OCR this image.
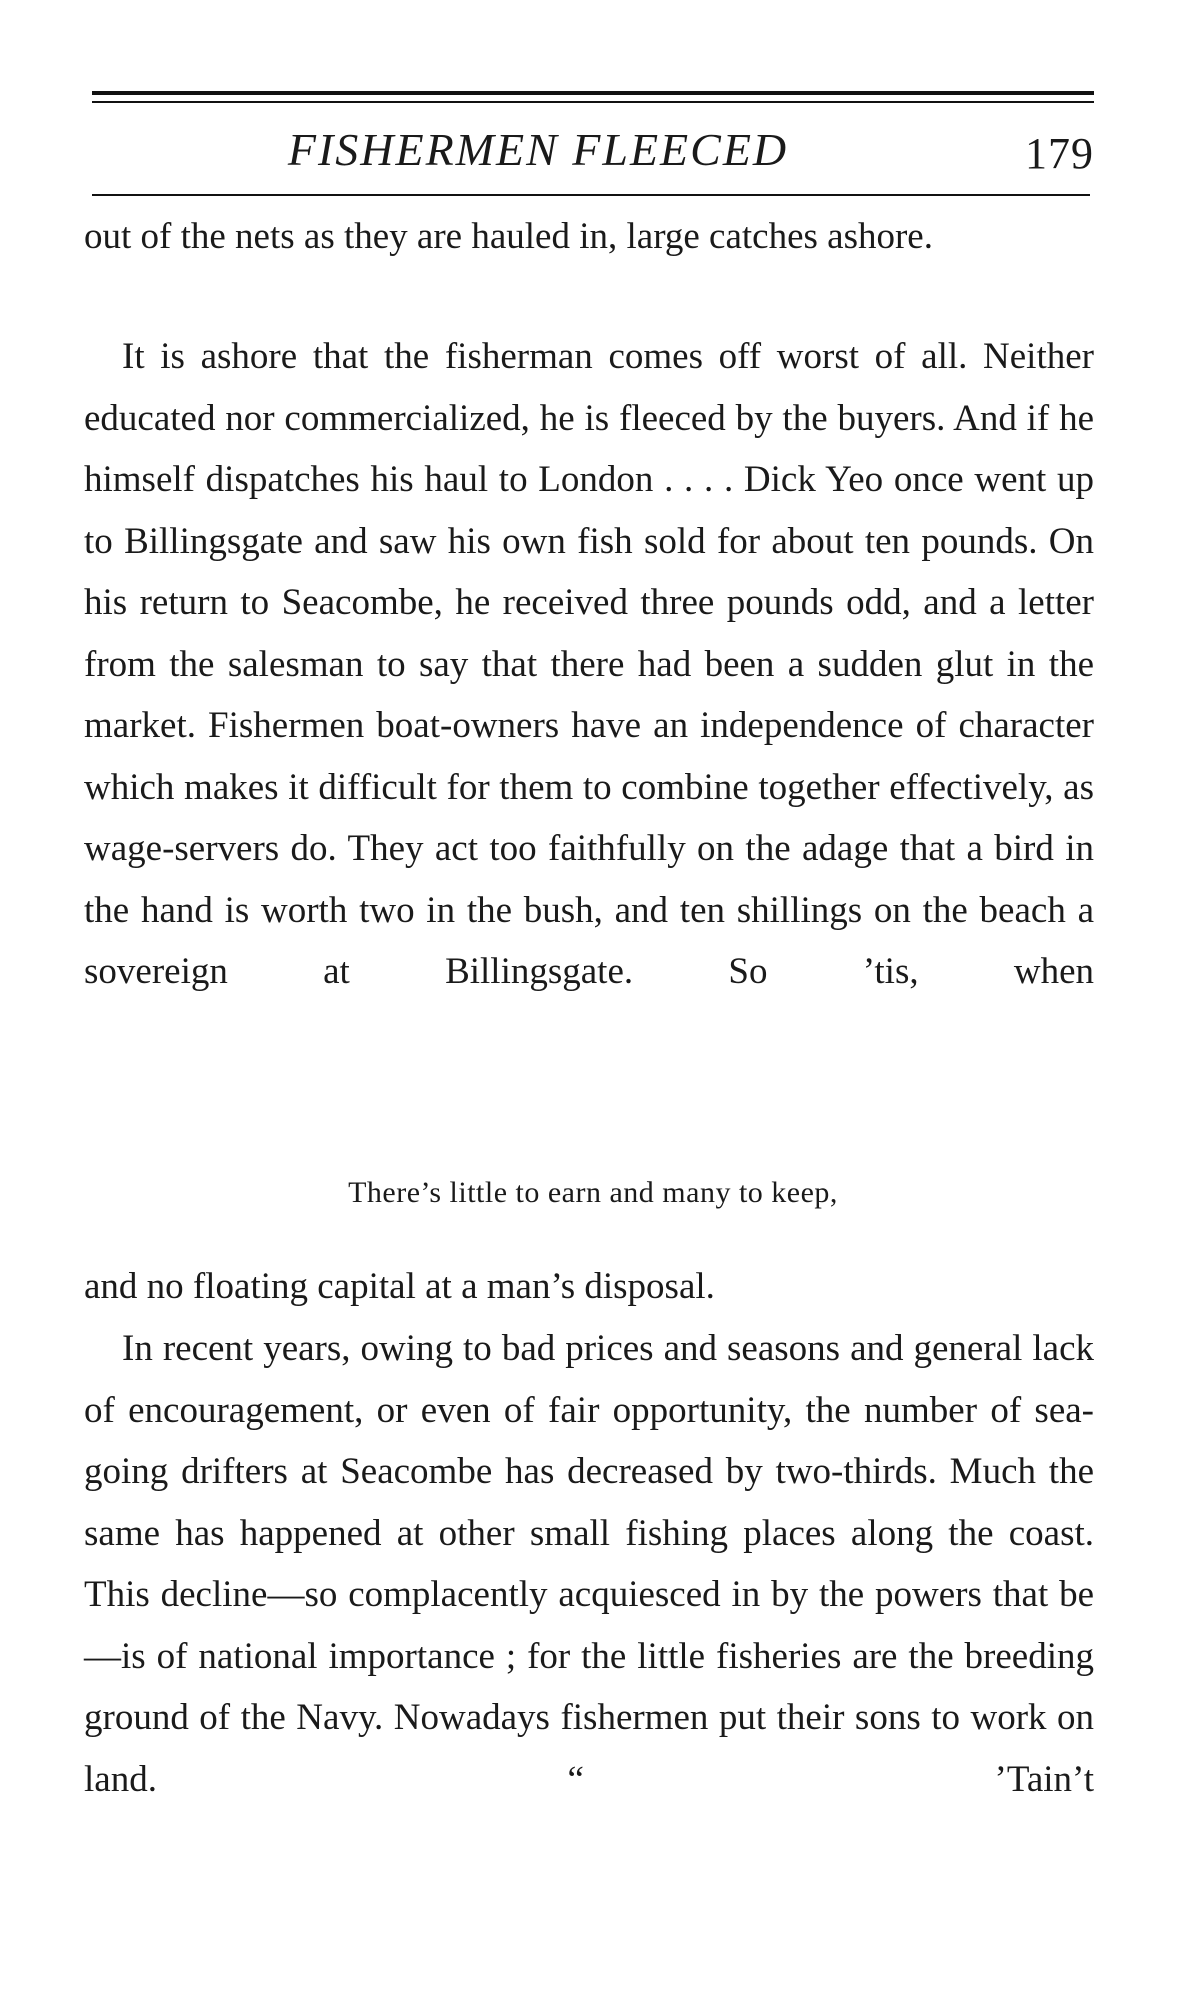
FISHERMEN FLEECED	179

out of the nets as they are hauled in, large catches ashore.

It is ashore that the fisherman comes off worst of all. Neither educated nor commercialized, he is fleeced by the buyers. And if he himself dispatches his haul to London . . . . Dick Yeo once went up to Billingsgate and saw his own fish sold for about ten pounds. On his return to Seacombe, he received three pounds odd, and a letter from the salesman to say that there had been a sudden glut in the market. Fishermen boat-owners have an independence of character which makes it difficult for them to combine together effectively, as wage-servers do. They act too faithfully on the adage that a bird in the hand is worth two in the bush, and ten shillings on the beach a sovereign at Billingsgate. So ’tis, when

There’s little to earn and many to keep,

and no floating capital at a man’s disposal.

In recent years, owing to bad prices and seasons and general lack of encouragement, or even of fair opportunity, the number of sea-going drifters at Seacombe has decreased by two-thirds. Much the same has happened at other small fishing places along the coast. This decline—so complacently acquiesced in by the powers that be—is of national importance ; for the little fisheries are the breeding ground of the Navy. Nowadays fishermen put their sons to work on land. “ ’Tain’t
